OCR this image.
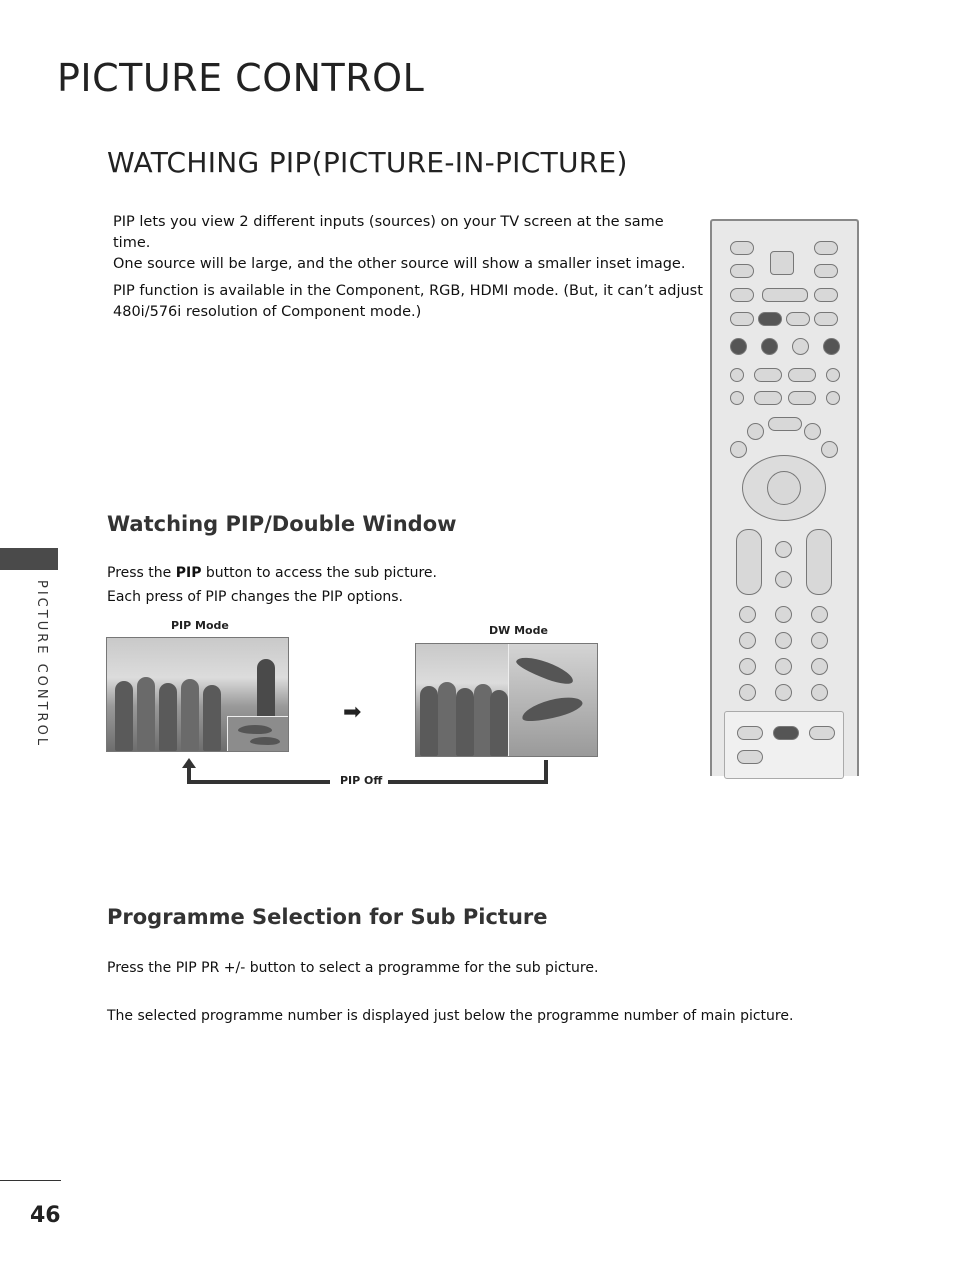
PICTURE CONTROL
WATCHING PIP(PICTURE-IN-PICTURE)
PIP lets you view 2 different inputs (sources) on your TV screen at the same time.
One source will be large, and the other source will show a smaller inset image.
PIP function is available in the Component, RGB, HDMI mode. (But, it can’t adjust
480i/576i resolution of Component mode.)
PICTURE CONTROL
Watching PIP/Double Window
Press the PIP button to access the sub picture.
Each press of PIP changes the PIP options.
PIP Mode	DW Mode
➡
PIP Off
Programme Selection for Sub Picture
Press the PIP PR +/- button to select a programme for the sub picture.
The selected programme number is displayed just below the programme number of main picture.
46
